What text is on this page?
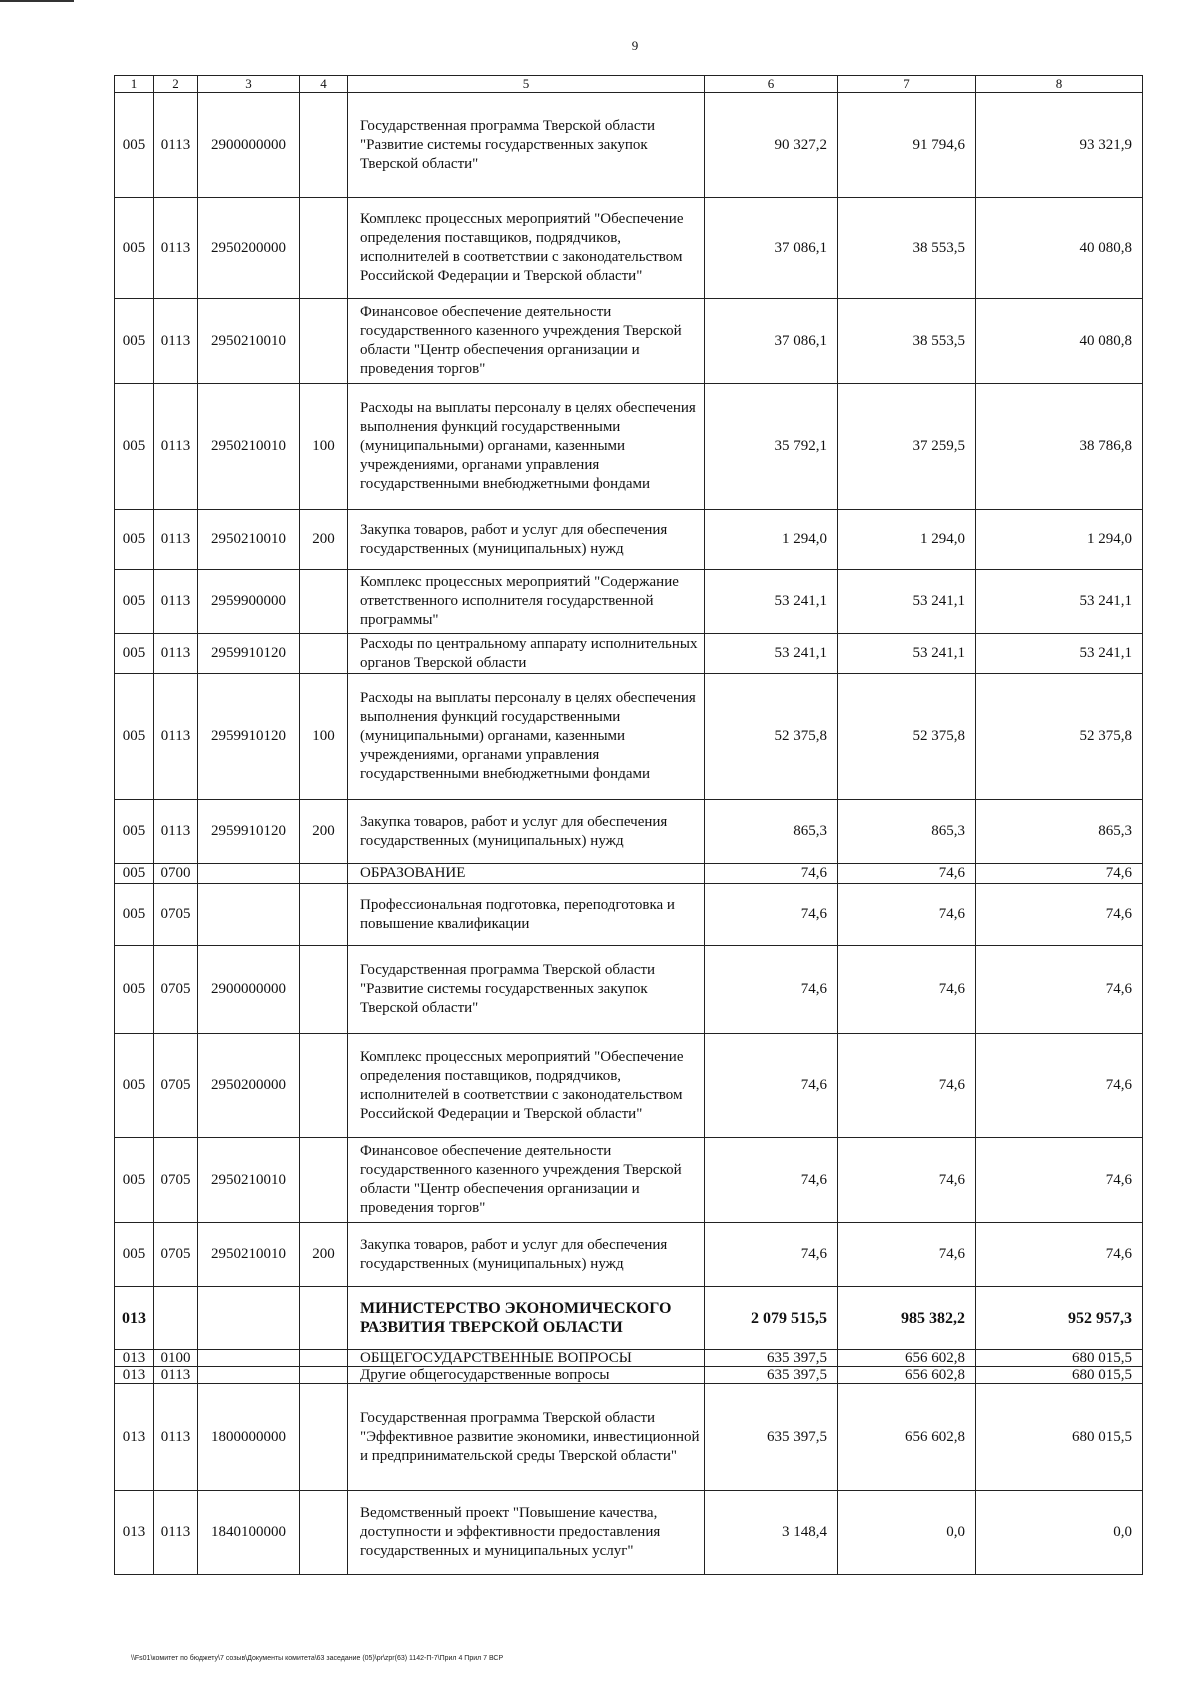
9
1	2	3	4	5	6	7	8
005	0113	2900000000		Государственная программа Тверской области "Развитие системы государственных закупок Тверской области"	90 327,2	91 794,6	93 321,9
005	0113	2950200000		Комплекс процессных мероприятий "Обеспечение определения поставщиков, подрядчиков, исполнителей в соответствии с законодательством Российской Федерации и Тверской области"	37 086,1	38 553,5	40 080,8
005	0113	2950210010		Финансовое обеспечение деятельности государственного казенного учреждения Тверской области "Центр обеспечения организации и проведения торгов"	37 086,1	38 553,5	40 080,8
005	0113	2950210010	100	Расходы на выплаты персоналу в целях обеспечения выполнения функций государственными (муниципальными) органами, казенными учреждениями, органами управления государственными внебюджетными фондами	35 792,1	37 259,5	38 786,8
005	0113	2950210010	200	Закупка товаров, работ и услуг для обеспечения государственных (муниципальных) нужд	1 294,0	1 294,0	1 294,0
005	0113	2959900000		Комплекс процессных мероприятий "Содержание ответственного исполнителя государственной программы"	53 241,1	53 241,1	53 241,1
005	0113	2959910120		Расходы по центральному аппарату исполнительных органов Тверской области	53 241,1	53 241,1	53 241,1
005	0113	2959910120	100	Расходы на выплаты персоналу в целях обеспечения выполнения функций государственными (муниципальными) органами, казенными учреждениями, органами управления государственными внебюджетными фондами	52 375,8	52 375,8	52 375,8
005	0113	2959910120	200	Закупка товаров, работ и услуг для обеспечения государственных (муниципальных) нужд	865,3	865,3	865,3
005	0700			ОБРАЗОВАНИЕ	74,6	74,6	74,6
005	0705			Профессиональная подготовка, переподготовка и повышение квалификации	74,6	74,6	74,6
005	0705	2900000000		Государственная программа Тверской области "Развитие системы государственных закупок Тверской области"	74,6	74,6	74,6
005	0705	2950200000		Комплекс процессных мероприятий "Обеспечение определения поставщиков, подрядчиков, исполнителей в соответствии с законодательством Российской Федерации и Тверской области"	74,6	74,6	74,6
005	0705	2950210010		Финансовое обеспечение деятельности государственного казенного учреждения Тверской области "Центр обеспечения организации и проведения торгов"	74,6	74,6	74,6
005	0705	2950210010	200	Закупка товаров, работ и услуг для обеспечения государственных (муниципальных) нужд	74,6	74,6	74,6
013				МИНИСТЕРСТВО ЭКОНОМИЧЕСКОГО РАЗВИТИЯ ТВЕРСКОЙ ОБЛАСТИ	2 079 515,5	985 382,2	952 957,3
013	0100			ОБЩЕГОСУДАРСТВЕННЫЕ ВОПРОСЫ	635 397,5	656 602,8	680 015,5
013	0113			Другие общегосударственные вопросы	635 397,5	656 602,8	680 015,5
013	0113	1800000000		Государственная программа Тверской области "Эффективное развитие экономики, инвестиционной и предпринимательской среды Тверской области"	635 397,5	656 602,8	680 015,5
013	0113	1840100000		Ведомственный проект "Повышение качества, доступности и эффективности предоставления государственных и муниципальных услуг"	3 148,4	0,0	0,0
\\Fs01\комитет по бюджету\7 созыв\Документы комитета\63 заседание (05)\pr\zpr(63) 1142-П-7\Прил 4 Прил 7 ВСР
